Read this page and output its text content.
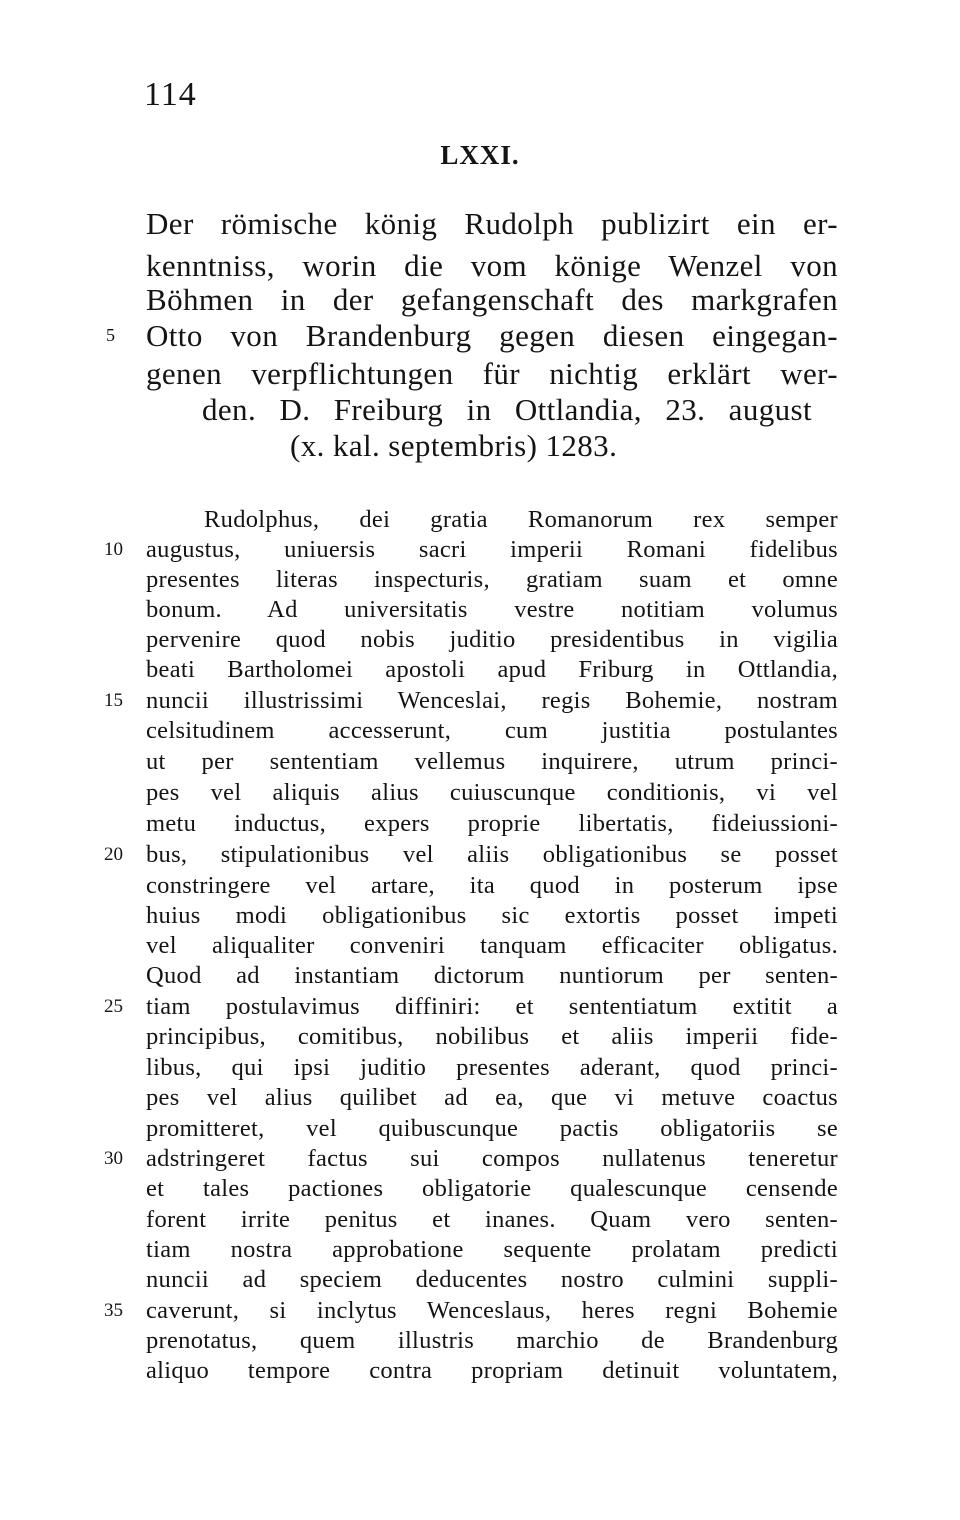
114
LXXI.
Der römische könig Rudolph publizirt ein er-
kenntniss, worin die vom könige Wenzel von
Böhmen in der gefangenschaft des markgrafen
5	Otto von Brandenburg gegen diesen eingegan-
genen verpflichtungen für nichtig erklärt wer-
den. D. Freiburg in Ottlandia, 23. august
(x. kal. septembris) 1283.
Rudolphus, dei gratia Romanorum rex semper
10 augustus, uniuersis sacri imperii Romani fidelibus
presentes literas inspecturis, gratiam suam et omne
bonum. Ad universitatis vestre notitiam volumus
pervenire quod nobis juditio presidentibus in vigilia
beati Bartholomei apostoli apud Friburg in Ottlandia,
15 nuncii illustrissimi Wenceslai, regis Bohemie, nostram
celsitudinem accesserunt, cum justitia postulantes
ut per sententiam vellemus inquirere, utrum princi-
pes vel aliquis alius cuiuscunque conditionis, vi vel
metu inductus, expers proprie libertatis, fideiussioni-
20 bus, stipulationibus vel aliis obligationibus se posset
constringere vel artare, ita quod in posterum ipse
huius modi obligationibus sic extortis posset impeti
vel aliqualiter conveniri tanquam efficaciter obligatus.
Quod ad instantiam dictorum nuntiorum per senten-
25 tiam postulavimus diffiniri: et sententiatum extitit a
principibus, comitibus, nobilibus et aliis imperii fide-
libus, qui ipsi juditio presentes aderant, quod princi-
pes vel alius quilibet ad ea, que vi metuve coactus
promitteret, vel quibuscunque pactis obligatoriis se
30 adstringeret factus sui compos nullatenus teneretur
et tales pactiones obligatorie qualescunque censende
forent irrite penitus et inanes. Quam vero senten-
tiam nostra approbatione sequente prolatam predicti
nuncii ad speciem deducentes nostro culmini suppli-
35 caverunt, si inclytus Wenceslaus, heres regni Bohemie
prenotatus, quem illustris marchio de Brandenburg
aliquo tempore contra propriam detinuit voluntatem,
